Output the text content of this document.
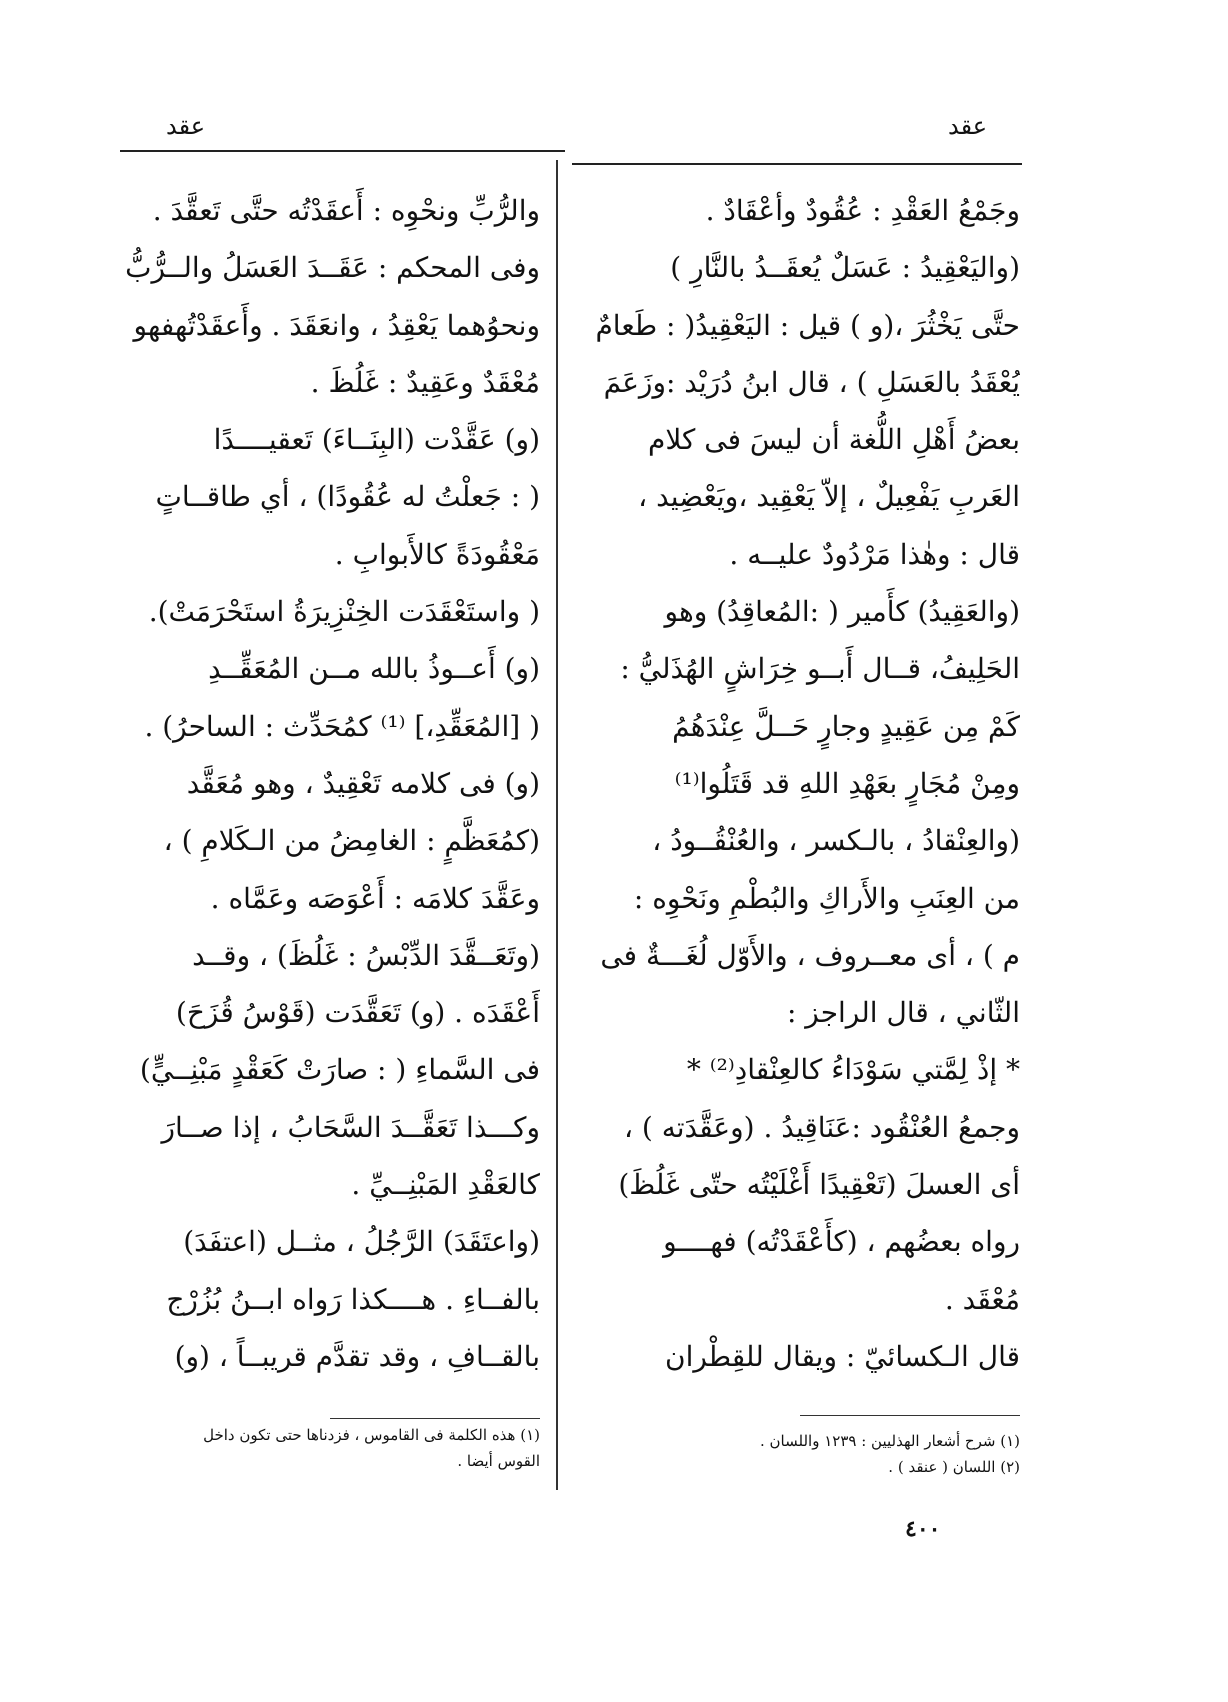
عقد	عقد
وجَمْعُ العَقْدِ : عُقُودٌ وأعْقَادٌ .
(واليَعْقِيدُ : عَسَلٌ يُعقَــدُ بالنَّارِ )
حتَّى يَخْثُرَ ،(و ) قيل : اليَعْقِيدُ( : طَعامٌ
يُعْقَدُ بالعَسَلِ ) ، قال ابنُ دُرَيْد :وزَعَمَ
بعضُ أَهْلِ اللُّغة أن ليسَ فى كلام
العَربِ يَفْعِيلٌ ، إلاّ يَعْقِيد ،ويَعْضِيد ،
قال : وهٰذا مَرْدُودٌ عليــه .
(والعَقِيدُ) كأَمير ( :المُعاقِدُ) وهو
الحَلِيفُ، قــال أَبــو خِرَاشٍ الهُذَليُّ :
كَمْ مِن عَقِيدٍ وجارٍ حَــلَّ عِنْدَهُمُ
ومِنْ مُجَارٍ بعَهْدِ اللهِ قد قَتَلُوا⁽¹⁾
(والعِنْقادُ ، بالـكسر ، والعُنْقُــودُ ،
من العِنَبِ والأَراكِ والبُطْمِ ونَحْوِه :
م ) ، أى معــروف ، والأَوّل لُغَـــةٌ فى
الثّاني ، قال الراجز :
* إذْ لِمَّتي سَوْدَاءُ كالعِنْقادِ⁽²⁾ *
وجمعُ العُنْقُود :عَنَاقِيدُ . (وعَقَّدَته ) ،
أى العسلَ (تَعْقِيدًا أَغْلَيْتُه حتّى غَلُظَ)
رواه بعضُهم ، (كأَعْقَدْتُه) فهــــو
مُعْقَد .
قال الـكسائيّ : ويقال للقِطْران
والرُّبِّ ونحْوِه : أَعقَدْتُه حتَّى تَعقَّدَ .
وفى المحكم : عَقَــدَ العَسَلُ والــرُّبُّ
ونحوُهما يَعْقِدُ ، وانعَقَدَ . وأَعقَدْتُهفهو
مُعْقَدٌ وعَقِيدٌ : غَلُظَ .
(و) عَقَّدْت (البِنَــاءَ) تَعقيــــدًا
( : جَعلْتُ له عُقُودًا) ، أي طاقــاتٍ
مَعْقُودَةً كالأَبوابِ .
( واستَعْقَدَت الخِنْزِيرَةُ استَحْرَمَتْ).
(و) أَعــوذُ بالله مــن المُعَقِّــدِ
( [المُعَقِّدِ،] ⁽¹⁾ كمُحَدِّث : الساحرُ) .
(و) فى كلامه تَعْقِيدٌ ، وهو مُعَقَّد
(كمُعَظَّمٍ : الغامِضُ من الـكَلامِ ) ،
وعَقَّدَ كلامَه : أَعْوَصَه وعَمَّاه .
(وتَعَــقَّدَ الدِّبْسُ : غَلُظَ) ، وقــد
أَعْقَدَه . (و) تَعَقَّدَت (قَوْسُ قُزَحَ)
فى السَّماءِ ( : صارَتْ كَعَقْدٍ مَبْنِــيٍّ)
وكـــذا تَعَقَّــدَ السَّحَابُ ، إذا صــارَ
كالعَقْدِ المَبْنِــيِّ .
(واعتَقَدَ) الرَّجُلُ ، مثــل (اعتفَدَ)
بالفــاءِ . هــــكذا رَواه ابــنُ بُزُرْج
بالقــافِ ، وقد تقدَّم قريبــاً ، (و)
(١) شرح أشعار الهذليين : ١٢٣٩ واللسان .
(٢) اللسان ( عنقد ) .
(١) هذه الكلمة فى القاموس ، فزدناها حتى تكون داخل
القوس أيضا .
٤٠٠
